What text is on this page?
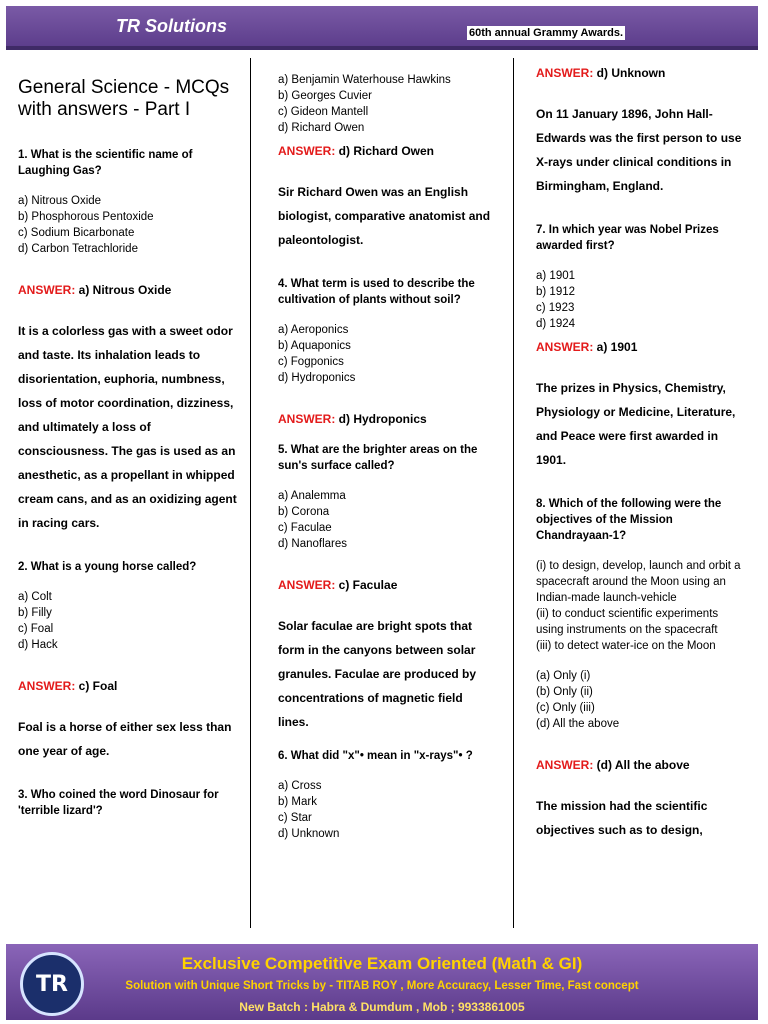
TR Solutions	60th annual Grammy Awards.

General Science - MCQs with answers - Part I

1. What is the scientific name of Laughing Gas?

a) Nitrous Oxide

b) Phosphorous Pentoxide

c) Sodium Bicarbonate

d) Carbon Tetrachloride

ANSWER: a) Nitrous Oxide

It is a colorless gas with a sweet odor and taste. Its inhalation leads to disorientation, euphoria, numbness, loss of motor coordination, dizziness, and ultimately a loss of consciousness. The gas is used as an anesthetic, as a propellant in whipped cream cans, and as an oxidizing agent in racing cars.

2. What is a young horse called?

a) Colt

b) Filly

c) Foal

d) Hack

ANSWER: c) Foal

Foal is a horse of either sex less than one year of age.

3. Who coined the word Dinosaur for 'terrible lizard'?

a) Benjamin Waterhouse Hawkins

b) Georges Cuvier

c) Gideon Mantell

d) Richard Owen

ANSWER: d) Richard Owen

Sir Richard Owen was an English biologist, comparative anatomist and paleontologist.

4. What term is used to describe the cultivation of plants without soil?

a) Aeroponics

b) Aquaponics

c) Fogponics

d) Hydroponics

ANSWER: d) Hydroponics

5. What are the brighter areas on the sun's surface called?

a) Analemma

b) Corona

c) Faculae

d) Nanoflares

ANSWER: c) Faculae

Solar faculae are bright spots that form in the canyons between solar granules. Faculae are produced by concentrations of magnetic field lines.

6. What did "x"• mean in "x-rays"• ?

a) Cross

b) Mark

c) Star

d) Unknown

ANSWER: d) Unknown

On 11 January 1896, John Hall-Edwards was the first person to use X-rays under clinical conditions in Birmingham, England.

7. In which year was Nobel Prizes awarded first?

a) 1901

b) 1912

c) 1923

d) 1924

ANSWER: a) 1901

The prizes in Physics, Chemistry, Physiology or Medicine, Literature, and Peace were first awarded in 1901.

8. Which of the following were the objectives of the Mission Chandrayaan-1?

(i) to design, develop, launch and orbit a spacecraft around the Moon using an Indian-made launch-vehicle

(ii) to conduct scientific experiments using instruments on the spacecraft

(iii) to detect water-ice on the Moon

(a) Only (i)

(b) Only (ii)

(c) Only (iii)

(d) All the above

ANSWER: (d) All the above

The mission had the scientific objectives such as to design,

TR
Exclusive Competitive Exam Oriented (Math & GI)
Solution with Unique Short Tricks by - TITAB ROY , More Accuracy, Lesser Time, Fast concept
New Batch : Habra & Dumdum , Mob ; 9933861005
